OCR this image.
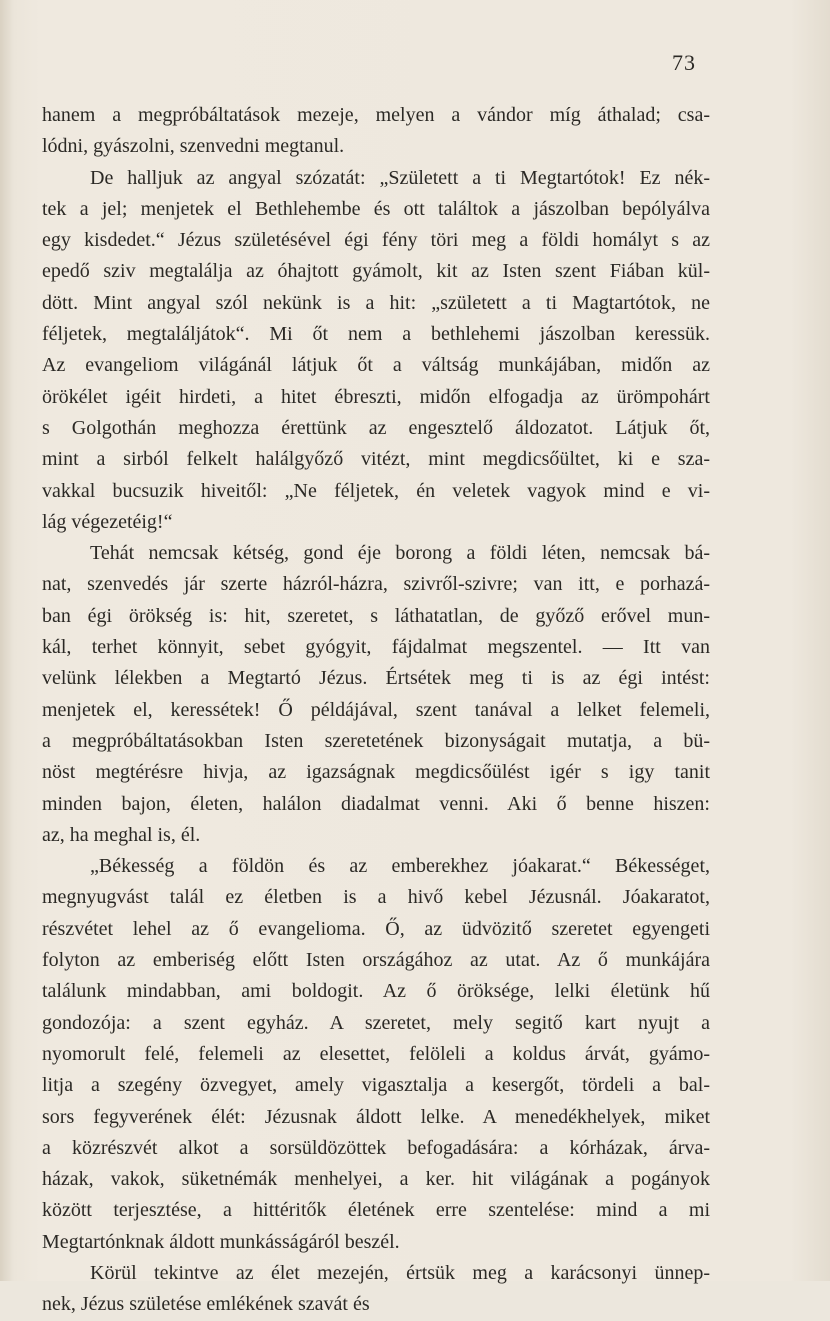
73
hanem a megpróbáltatások mezeje, melyen a vándor míg áthalad; csa-
lódni, gyászolni, szenvedni megtanul.
De halljuk az angyal szózatát: „Született a ti Megtartótok! Ez nék-
tek a jel; menjetek el Bethlehembe és ott találtok a jászolban bepólyálva
egy kisdedet.“ Jézus születésével égi fény töri meg a földi homályt s az
epedő sziv megtalálja az óhajtott gyámolt, kit az Isten szent Fiában kül-
dött. Mint angyal szól nekünk is a hit: „született a ti Magtartótok, ne
féljetek, megtaláljátok“. Mi őt nem a bethlehemi jászolban keressük.
Az evangeliom világánál látjuk őt a váltság munkájában, midőn az
örökélet igéit hirdeti, a hitet ébreszti, midőn elfogadja az ürömpohárt
s Golgothán meghozza érettünk az engesztelő áldozatot. Látjuk őt,
mint a sirból felkelt halálgyőző vitézt, mint megdicsőültet, ki e sza-
vakkal bucsuzik hiveitől: „Ne féljetek, én veletek vagyok mind e vi-
lág végezetéig!“
Tehát nemcsak kétség, gond éje borong a földi léten, nemcsak bá-
nat, szenvedés jár szerte házról-házra, szivről-szivre; van itt, e porhazá-
ban égi örökség is: hit, szeretet, s láthatatlan, de győző erővel mun-
kál, terhet könnyit, sebet gyógyit, fájdalmat megszentel. — Itt van
velünk lélekben a Megtartó Jézus. Értsétek meg ti is az égi intést:
menjetek el, keressétek! Ő példájával, szent tanával a lelket felemeli,
a megpróbáltatásokban Isten szeretetének bizonyságait mutatja, a bü-
nöst megtérésre hivja, az igazságnak megdicsőülést igér s igy tanit
minden bajon, életen, halálon diadalmat venni. Aki ő benne hiszen:
az, ha meghal is, él.
„Békesség a földön és az emberekhez jóakarat.“ Békességet,
megnyugvást talál ez életben is a hivő kebel Jézusnál. Jóakaratot,
részvétet lehel az ő evangelioma. Ő, az üdvözitő szeretet egyengeti
folyton az emberiség előtt Isten országához az utat. Az ő munkájára
találunk mindabban, ami boldogit. Az ő öröksége, lelki életünk hű
gondozója: a szent egyház. A szeretet, mely segitő kart nyujt a
nyomorult felé, felemeli az elesettet, felöleli a koldus árvát, gyámo-
litja a szegény özvegyet, amely vigasztalja a kesergőt, tördeli a bal-
sors fegyverének élét: Jézusnak áldott lelke. A menedékhelyek, miket
a közrészvét alkot a sorsüldözöttek befogadására: a kórházak, árva-
házak, vakok, süketnémák menhelyei, a ker. hit világának a pogányok
között terjesztése, a hittéritők életének erre szentelése: mind a mi
Megtartónknak áldott munkásságáról beszél.
Körül tekintve az élet mezején, értsük meg a karácsonyi ünnep-
nek, Jézus születése emlékének szavát és
